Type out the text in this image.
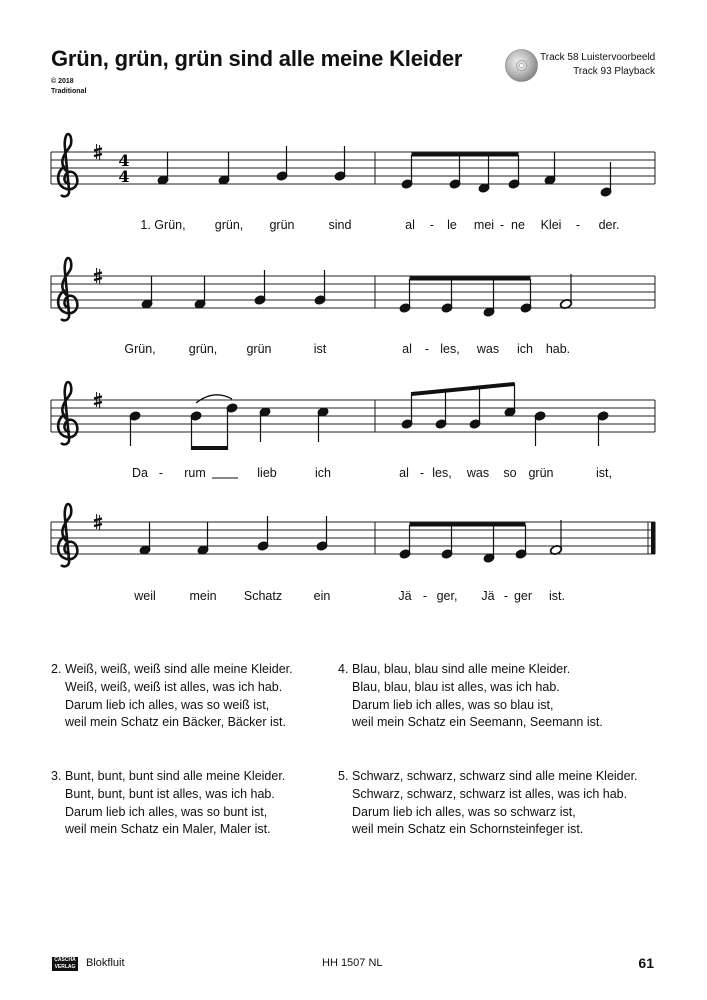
Grün, grün, grün sind alle meine Kleider
© 2018
Traditional
Track 58 Luistervoorbeeld
Track 93 Playback
4
4
1. Grün, grün, grün	sind	al - le mei - ne Klei - der.
Grün,	grün, grün	ist	al - les, was ich hab.
Da - rum	lieb	ich	al - les, was so grün	ist,
weil	mein Schatz	ein	Jä - ger, Jä - ger ist.
2. Weiß, weiß, weiß sind alle meine Kleider.
Weiß, weiß, weiß ist alles, was ich hab.
Darum lieb ich alles, was so weiß ist,
weil mein Schatz ein Bäcker, Bäcker ist.
3. Bunt, bunt, bunt sind alle meine Kleider.
Bunt, bunt, bunt ist alles, was ich hab.
Darum lieb ich alles, was so bunt ist,
weil mein Schatz ein Maler, Maler ist.
4. Blau, blau, blau sind alle meine Kleider.
Blau, blau, blau ist alles, was ich hab.
Darum lieb ich alles, was so blau ist,
weil mein Schatz ein Seemann, Seemann ist.
5. Schwarz, schwarz, schwarz sind alle meine Kleider.
Schwarz, schwarz, schwarz ist alles, was ich hab.
Darum lieb ich alles, was so schwarz ist,
weil mein Schatz ein Schornsteinfeger ist.
CASCHA
VERLAG Blokfluit	HH 1507 NL	61
